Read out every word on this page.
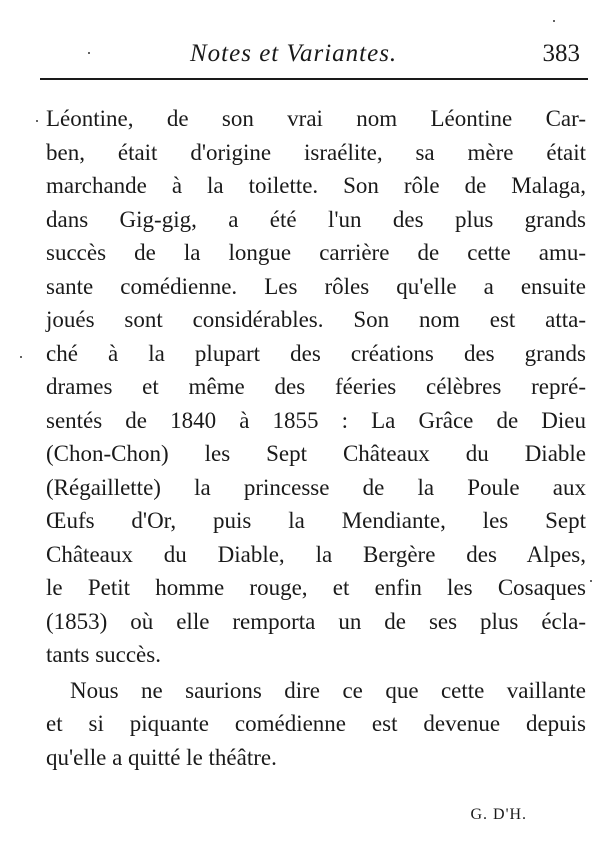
Notes et Variantes.	383
Léontine, de son vrai nom Léontine Car-
ben, était d'origine israélite, sa mère était
marchande à la toilette. Son rôle de Malaga,
dans Gig-gig, a été l'un des plus grands
succès de la longue carrière de cette amu-
sante comédienne. Les rôles qu'elle a ensuite
joués sont considérables. Son nom est atta-
ché à la plupart des créations des grands
drames et même des féeries célèbres repré-
sentés de 1840 à 1855 : La Grâce de Dieu
(Chon-Chon) les Sept Châteaux du Diable
(Régaillette) la princesse de la Poule aux
Œufs d'Or, puis la Mendiante, les Sept
Châteaux du Diable, la Bergère des Alpes,
le Petit homme rouge, et enfin les Cosaques
(1853) où elle remporta un de ses plus écla-
tants succès.
Nous ne saurions dire ce que cette vaillante
et si piquante comédienne est devenue depuis
qu'elle a quitté le théâtre.
G. D'H.
